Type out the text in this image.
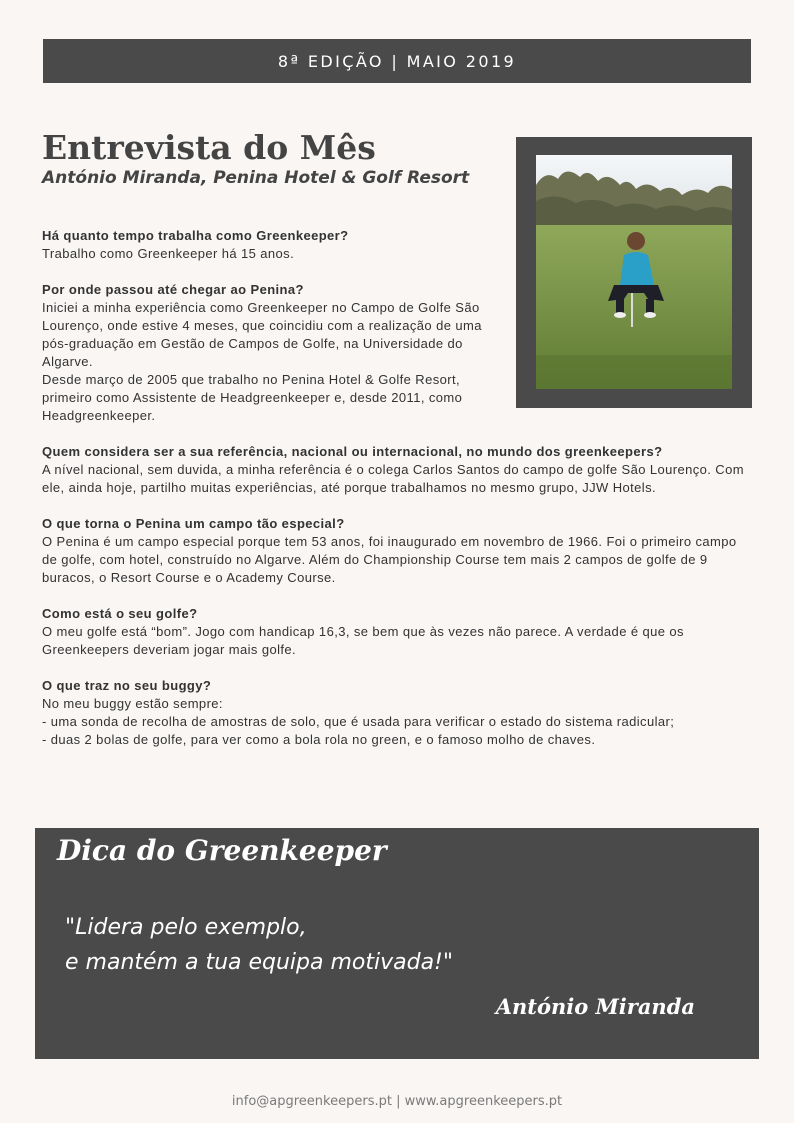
8ª EDIÇÃO | MAIO 2019
Entrevista do Mês
António Miranda, Penina Hotel & Golf Resort
Há quanto tempo trabalha como Greenkeeper?
Trabalho como Greenkeeper há 15 anos.
Por onde passou até chegar ao Penina?
Iniciei a minha experiência como Greenkeeper no Campo de Golfe São Lourenço, onde estive 4 meses, que coincidiu com a realização de uma pós-graduação em Gestão de Campos de Golfe, na Universidade do Algarve.
Desde março de 2005 que trabalho no Penina Hotel & Golfe Resort, primeiro como Assistente de Headgreenkeeper e, desde 2011, como Headgreenkeeper.
Quem considera ser a sua referência, nacional ou internacional, no mundo dos greenkeepers?
A nível nacional, sem duvida, a minha referência é o colega Carlos Santos do campo de golfe São Lourenço. Com ele, ainda hoje, partilho muitas experiências, até porque trabalhamos no mesmo grupo, JJW Hotels.
O que torna o Penina um campo tão especial?
O Penina é um campo especial porque tem 53 anos, foi inaugurado em novembro de 1966. Foi o primeiro campo de golfe, com hotel, construído no Algarve. Além do Championship Course tem mais 2 campos de golfe de 9 buracos, o Resort Course e o Academy Course.
Como está o seu golfe?
O meu golfe está “bom”. Jogo com handicap 16,3, se bem que às vezes não parece. A verdade é que os Greenkeepers deveriam jogar mais golfe.
O que traz no seu buggy?
No meu buggy estão sempre:
- uma sonda de recolha de amostras de solo, que é usada para verificar o estado do sistema radicular;
- duas 2 bolas de golfe, para ver como a bola rola no green, e o famoso molho de chaves.
Dica do Greenkeeper
"Lidera pelo exemplo,
e mantém a tua equipa motivada!"
António Miranda
info@apgreenkeepers.pt | www.apgreenkeepers.pt
